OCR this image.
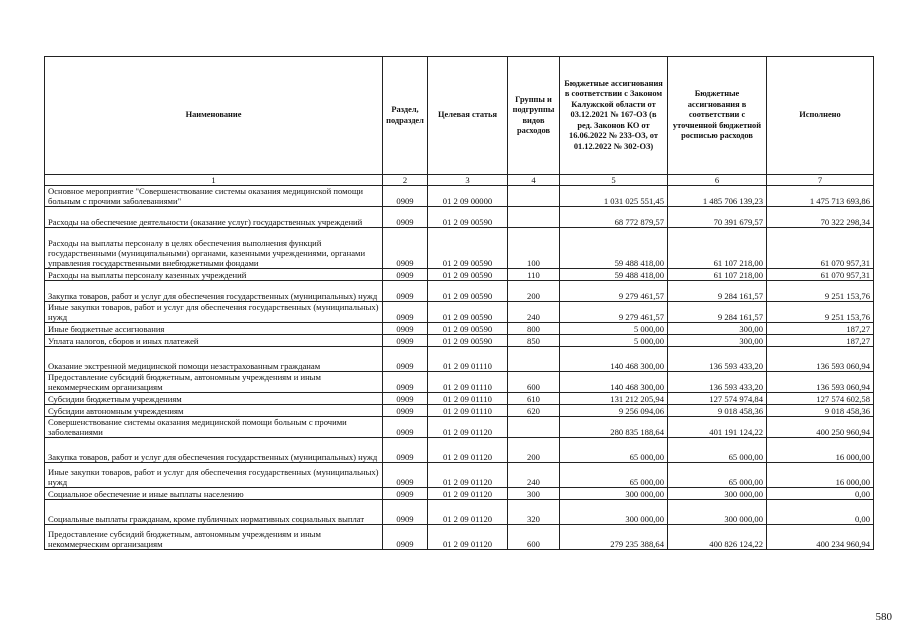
Наименование	Раздел, подраздел	Целевая статья	Группы и подгруппы видов расходов	Бюджетные ассигнования в соответствии с Законом Калужской области от 03.12.2021 № 167-ОЗ (в ред. Законов КО от 16.06.2022 № 233-ОЗ, от 01.12.2022 № 302-ОЗ)	Бюджетные ассигнования в соответствии с уточненной бюджетной росписью расходов	Исполнено
1	2	3	4	5	6	7
Основное мероприятие "Совершенствование системы оказания медицинской помощи больным с прочими заболеваниями"	0909	01 2 09 00000		1 031 025 551,45	1 485 706 139,23	1 475 713 693,86
Расходы на обеспечение деятельности (оказание услуг) государственных учреждений	0909	01 2 09 00590		68 772 879,57	70 391 679,57	70 322 298,34
Расходы на выплаты персоналу в целях обеспечения выполнения функций государственными (муниципальными) органами, казенными учреждениями, органами управления государственными внебюджетными фондами	0909	01 2 09 00590	100	59 488 418,00	61 107 218,00	61 070 957,31
Расходы на выплаты персоналу казенных учреждений	0909	01 2 09 00590	110	59 488 418,00	61 107 218,00	61 070 957,31
Закупка товаров, работ и услуг для обеспечения государственных (муниципальных) нужд	0909	01 2 09 00590	200	9 279 461,57	9 284 161,57	9 251 153,76
Иные закупки товаров, работ и услуг для обеспечения государственных (муниципальных) нужд	0909	01 2 09 00590	240	9 279 461,57	9 284 161,57	9 251 153,76
Иные бюджетные ассигнования	0909	01 2 09 00590	800	5 000,00	300,00	187,27
Уплата налогов, сборов и иных платежей	0909	01 2 09 00590	850	5 000,00	300,00	187,27
Оказание экстренной медицинской помощи незастрахованным гражданам	0909	01 2 09 01110		140 468 300,00	136 593 433,20	136 593 060,94
Предоставление субсидий бюджетным, автономным учреждениям и иным некоммерческим организациям	0909	01 2 09 01110	600	140 468 300,00	136 593 433,20	136 593 060,94
Субсидии бюджетным учреждениям	0909	01 2 09 01110	610	131 212 205,94	127 574 974,84	127 574 602,58
Субсидии автономным учреждениям	0909	01 2 09 01110	620	9 256 094,06	9 018 458,36	9 018 458,36
Совершенствование системы оказания медицинской помощи больным с прочими заболеваниями	0909	01 2 09 01120		280 835 188,64	401 191 124,22	400 250 960,94
Закупка товаров, работ и услуг для обеспечения государственных (муниципальных) нужд	0909	01 2 09 01120	200	65 000,00	65 000,00	16 000,00
Иные закупки товаров, работ и услуг для обеспечения государственных (муниципальных) нужд	0909	01 2 09 01120	240	65 000,00	65 000,00	16 000,00
Социальное обеспечение и иные выплаты населению	0909	01 2 09 01120	300	300 000,00	300 000,00	0,00
Социальные выплаты гражданам, кроме публичных нормативных социальных выплат	0909	01 2 09 01120	320	300 000,00	300 000,00	0,00
Предоставление субсидий бюджетным, автономным учреждениям и иным некоммерческим организациям	0909	01 2 09 01120	600	279 235 388,64	400 826 124,22	400 234 960,94
580
